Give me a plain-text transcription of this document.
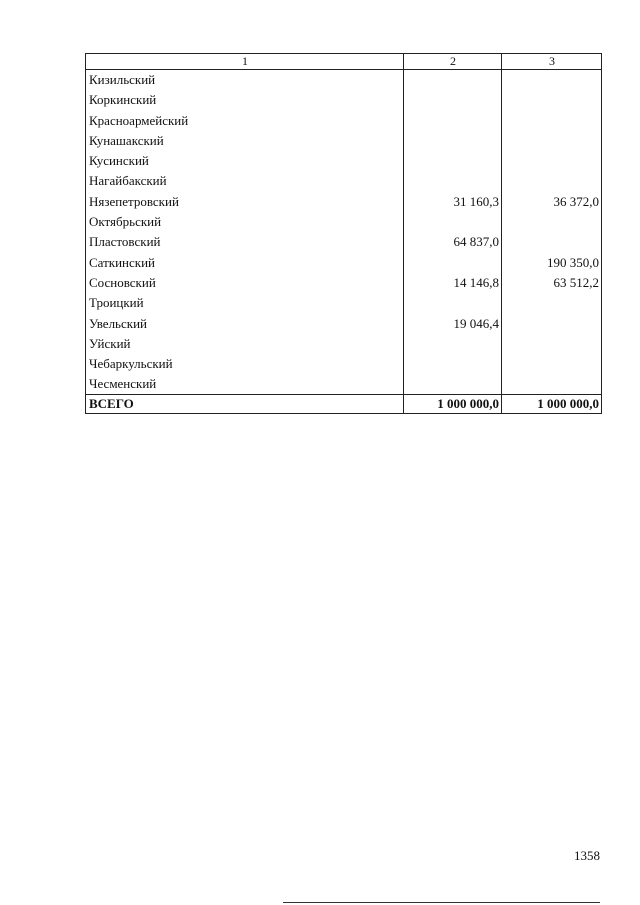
1	2	3
Кизильский		
Коркинский		
Красноармейский		
Кунашакский		
Кусинский		
Нагайбакский		
Нязепетровский	31 160,3	36 372,0
Октябрьский		
Пластовский	64 837,0	
Саткинский		190 350,0
Сосновский	14 146,8	63 512,2
Троицкий		
Увельский	19 046,4	
Уйский		
Чебаркульский		
Чесменский		
ВСЕГО	1 000 000,0	1 000 000,0
1358
